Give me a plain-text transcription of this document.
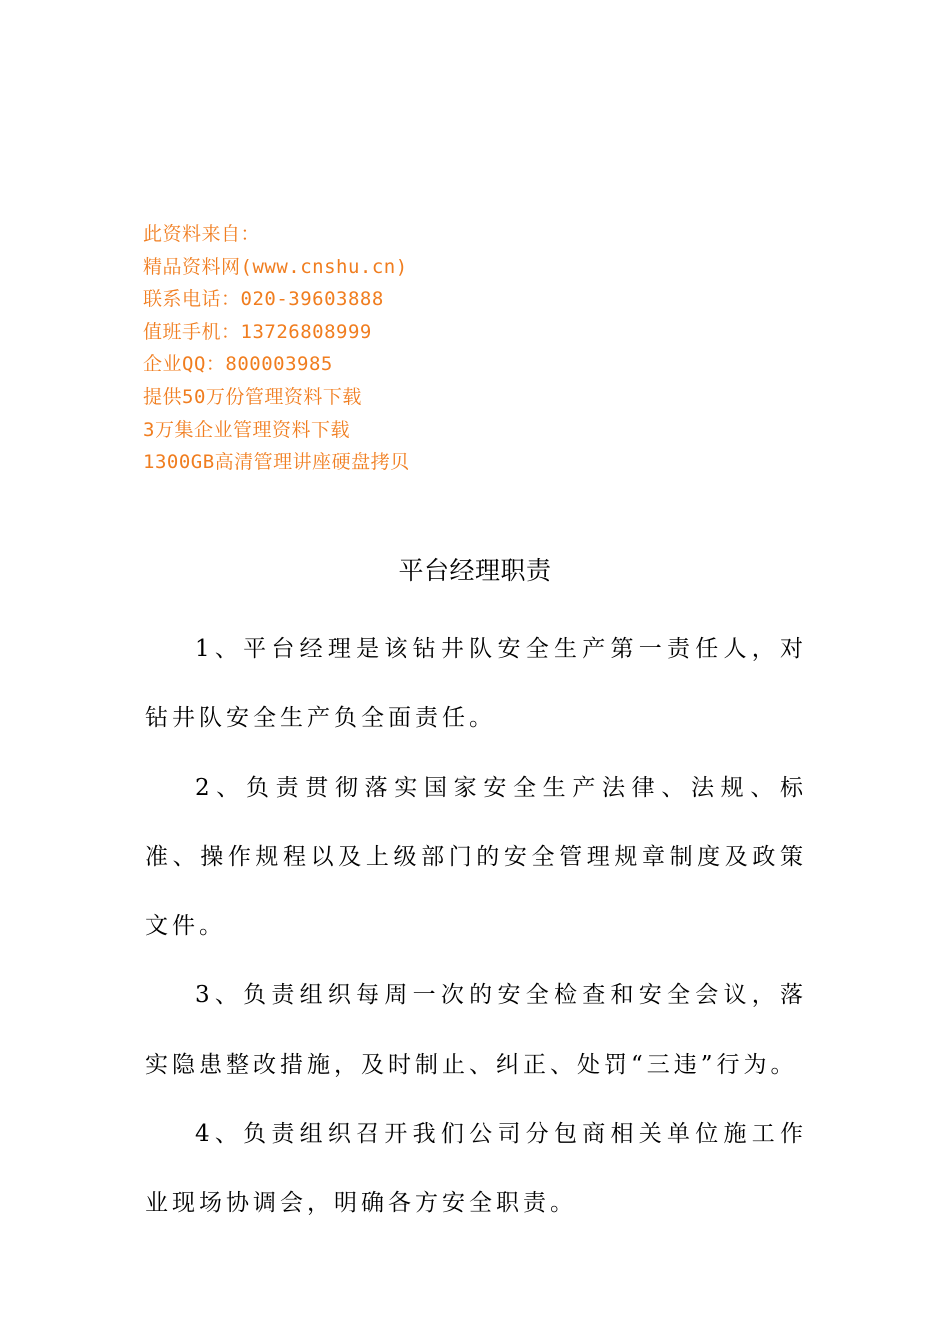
此资料来自：
精品资料网(www.cnshu.cn)
联系电话：020-39603888
值班手机：13726808999
企业QQ：800003985
提供50万份管理资料下载
3万集企业管理资料下载
1300GB高清管理讲座硬盘拷贝
平台经理职责

1、平台经理是该钻井队安全生产第一责任人，对钻井队安全生产负全面责任。

2、负责贯彻落实国家安全生产法律、法规、标准、操作规程以及上级部门的安全管理规章制度及政策文件。

3、负责组织每周一次的安全检查和安全会议，落实隐患整改措施，及时制止、纠正、处罚“三违”行为。

4、负责组织召开我们公司分包商相关单位施工作业现场协调会，明确各方安全职责。
